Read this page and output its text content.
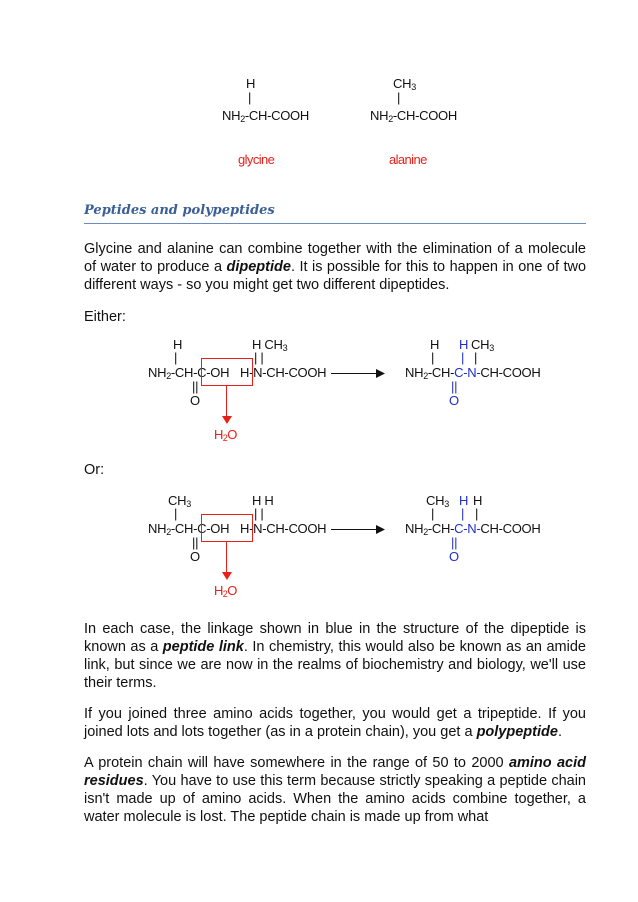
H

|

$NH_2-CH$-COOH

glycine

$CH_3$

|

$NH_2-CH$-COOH

alanine
Peptides and polypeptides
Glycine and alanine can combine together with the elimination of a molecule of water to produce a dipeptide. It is possible for this to happen in one of two different ways - so you might get two different dipeptides.
Either:

H

|

$NH_2-CH-C-OH$

||

O

H $CH_3$

| |

H-N-CH-COOH

$H_2O$

H

H

$CH_3$

|

|

|

$NH_2-CH-C-N-CH$-COOH

||

O

Or:

$CH_3$

|

$NH_2-CH-C-OH$

||

O

H H

| |

H-N-CH-COOH

$H_2O$

$CH_3$

H

H

|

|

|

$NH_2-CH-C-N-CH$-COOH

||

O

In each case, the linkage shown in blue in the structure of the dipeptide is known as a peptide link. In chemistry, this would also be known as an amide link, but since we are now in the realms of biochemistry and biology, we'll use their terms.
If you joined three amino acids together, you would get a tripeptide. If you joined lots and lots together (as in a protein chain), you get a polypeptide.
A protein chain will have somewhere in the range of 50 to 2000 amino acid residues. You have to use this term because strictly speaking a peptide chain isn't made up of amino acids. When the amino acids combine together, a water molecule is lost. The peptide chain is made up from what
